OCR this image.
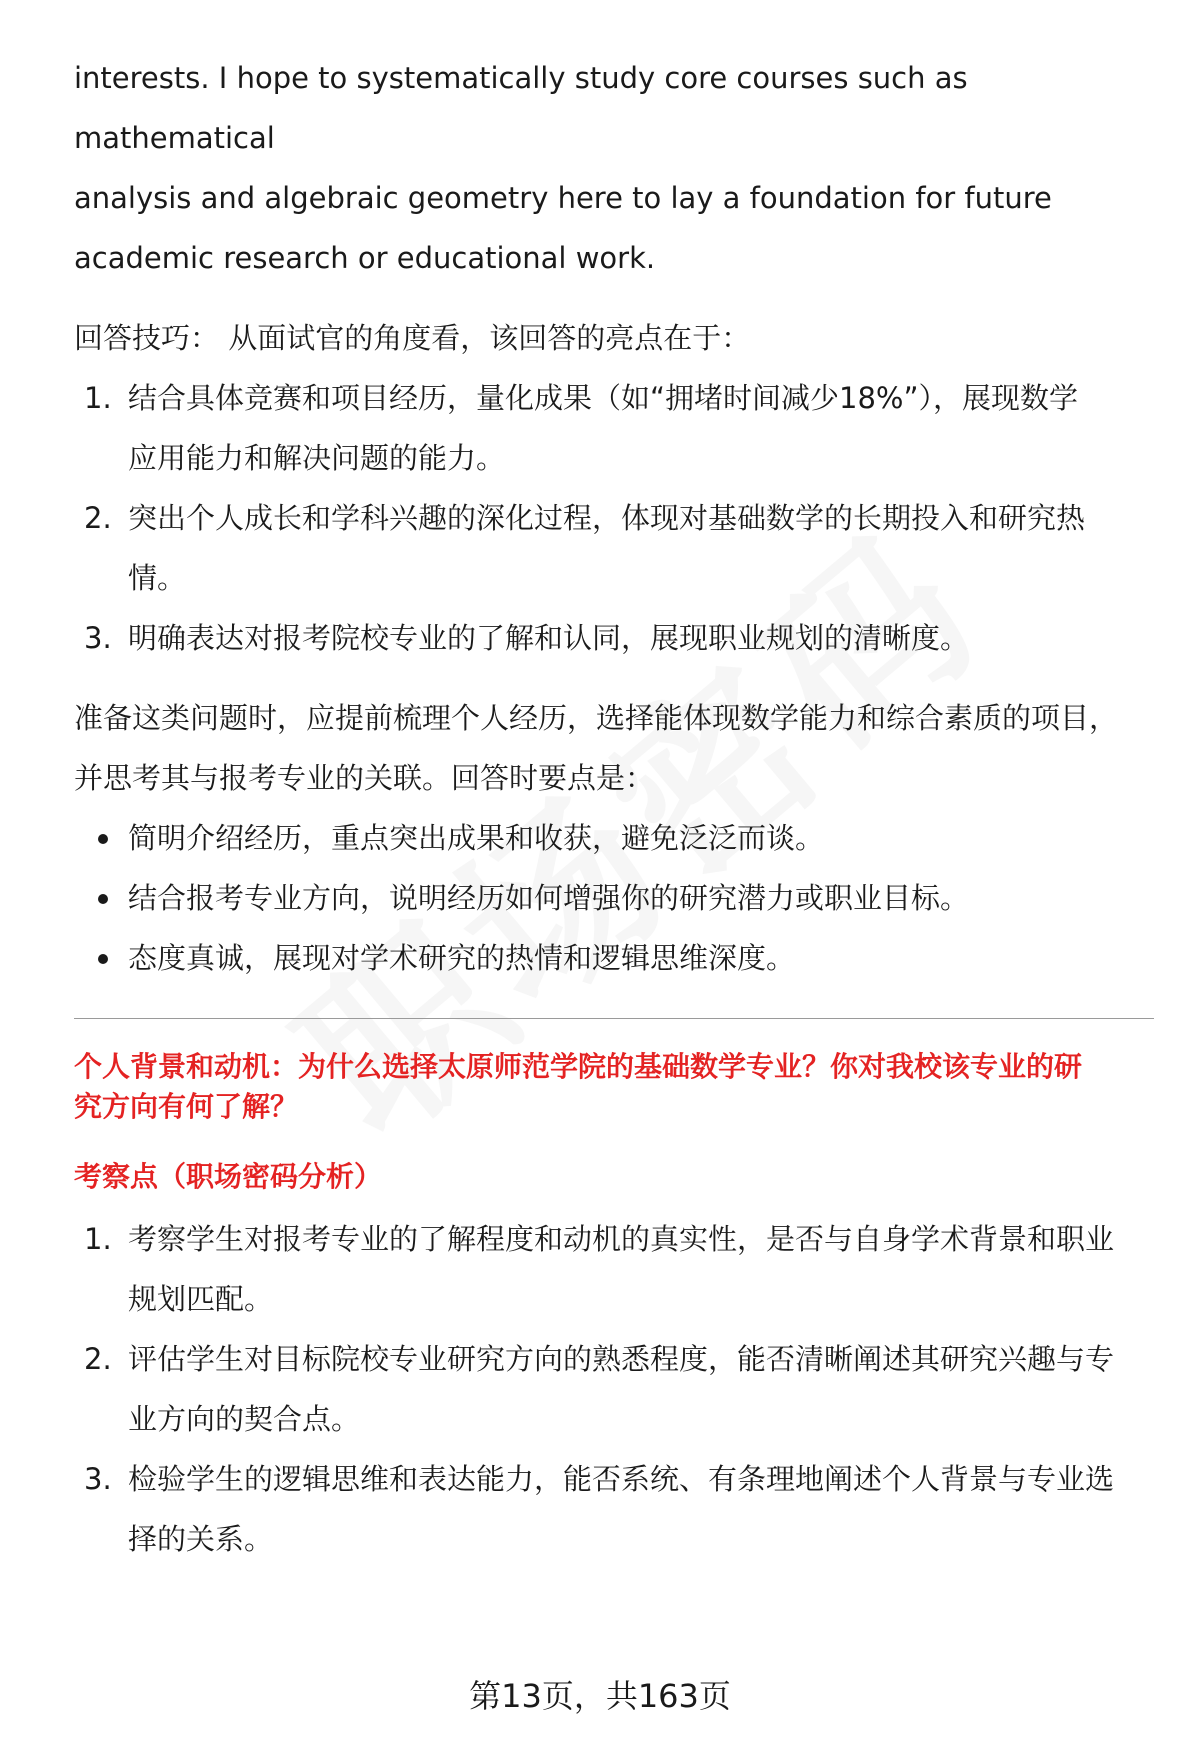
interests. I hope to systematically study core courses such as mathematical

analysis and algebraic geometry here to lay a foundation for future

academic research or educational work.

回答技巧： 从面试官的角度看，该回答的亮点在于：

1. 结合具体竞赛和项目经历，量化成果（如“拥堵时间减少18%”），展现数学
应用能力和解决问题的能力。
2. 突出个人成长和学科兴趣的深化过程，体现对基础数学的长期投入和研究热
情。
3. 明确表达对报考院校专业的了解和认同，展现职业规划的清晰度。

准备这类问题时，应提前梳理个人经历，选择能体现数学能力和综合素质的项目，

并思考其与报考专业的关联。回答时要点是：

简明介绍经历，重点突出成果和收获，避免泛泛而谈。
结合报考专业方向，说明经历如何增强你的研究潜力或职业目标。
态度真诚，展现对学术研究的热情和逻辑思维深度。

个人背景和动机：为什么选择太原师范学院的基础数学专业？你对我校该专业的研

究方向有何了解？

考察点（职场密码分析）

1. 考察学生对报考专业的了解程度和动机的真实性，是否与自身学术背景和职业
规划匹配。
2. 评估学生对目标院校专业研究方向的熟悉程度，能否清晰阐述其研究兴趣与专
业方向的契合点。
3. 检验学生的逻辑思维和表达能力，能否系统、有条理地阐述个人背景与专业选
择的关系。
第13页，共163页
